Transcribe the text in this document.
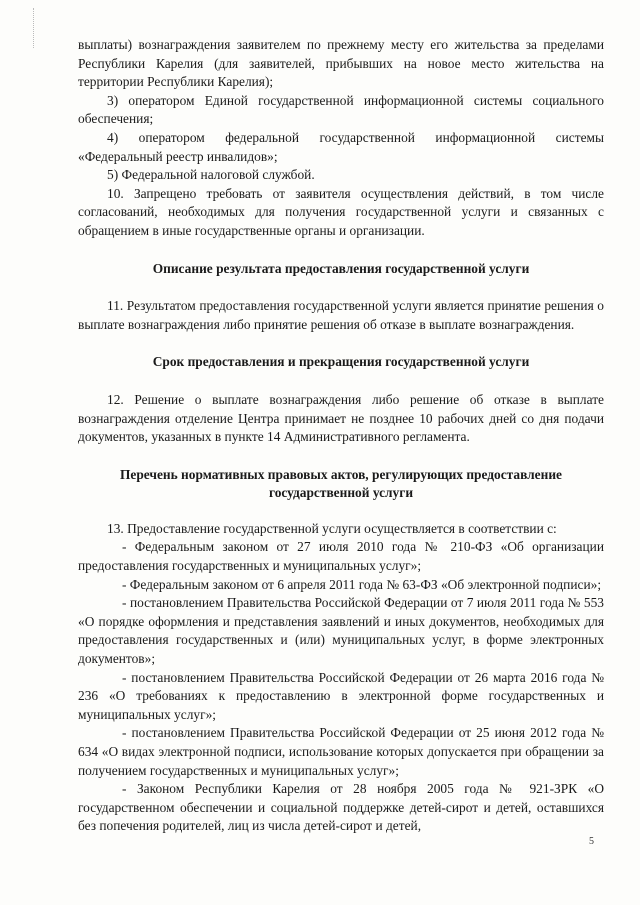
выплаты) вознаграждения заявителем по прежнему месту его жительства за пределами Республики Карелия (для заявителей, прибывших на новое место жительства на территории Республики Карелия);

3) оператором Единой государственной информационной системы социального обеспечения;

4) оператором федеральной государственной информационной системы «Федеральный реестр инвалидов»;

5) Федеральной налоговой службой.

10. Запрещено требовать от заявителя осуществления действий, в том числе согласований, необходимых для получения государственной услуги и связанных с обращением в иные государственные органы и организации.

Описание результата предоставления государственной услуги

11. Результатом предоставления государственной услуги является принятие решения о выплате вознаграждения либо принятие решения об отказе в выплате вознаграждения.

Срок предоставления и прекращения государственной услуги

12. Решение о выплате вознаграждения либо решение об отказе в выплате вознаграждения отделение Центра принимает не позднее 10 рабочих дней со дня подачи документов, указанных в пункте 14 Административного регламента.

Перечень нормативных правовых актов, регулирующих предоставление

государственной услуги

13. Предоставление государственной услуги осуществляется в соответствии с:

- Федеральным законом от 27 июля 2010 года № 210-ФЗ «Об организации предоставления государственных и муниципальных услуг»;

- Федеральным законом от 6 апреля 2011 года № 63-ФЗ «Об электронной подписи»;

- постановлением Правительства Российской Федерации от 7 июля 2011 года № 553 «О порядке оформления и представления заявлений и иных документов, необходимых для предоставления государственных и (или) муниципальных услуг, в форме электронных документов»;

- постановлением Правительства Российской Федерации от 26 марта 2016 года № 236 «О требованиях к предоставлению в электронной форме государственных и муниципальных услуг»;

- постановлением Правительства Российской Федерации от 25 июня 2012 года № 634 «О видах электронной подписи, использование которых допускается при обращении за получением государственных и муниципальных услуг»;

- Законом Республики Карелия от 28 ноября 2005 года № 921-ЗРК «О государственном обеспечении и социальной поддержке детей-сирот и детей, оставшихся без попечения родителей, лиц из числа детей-сирот и детей,

5
